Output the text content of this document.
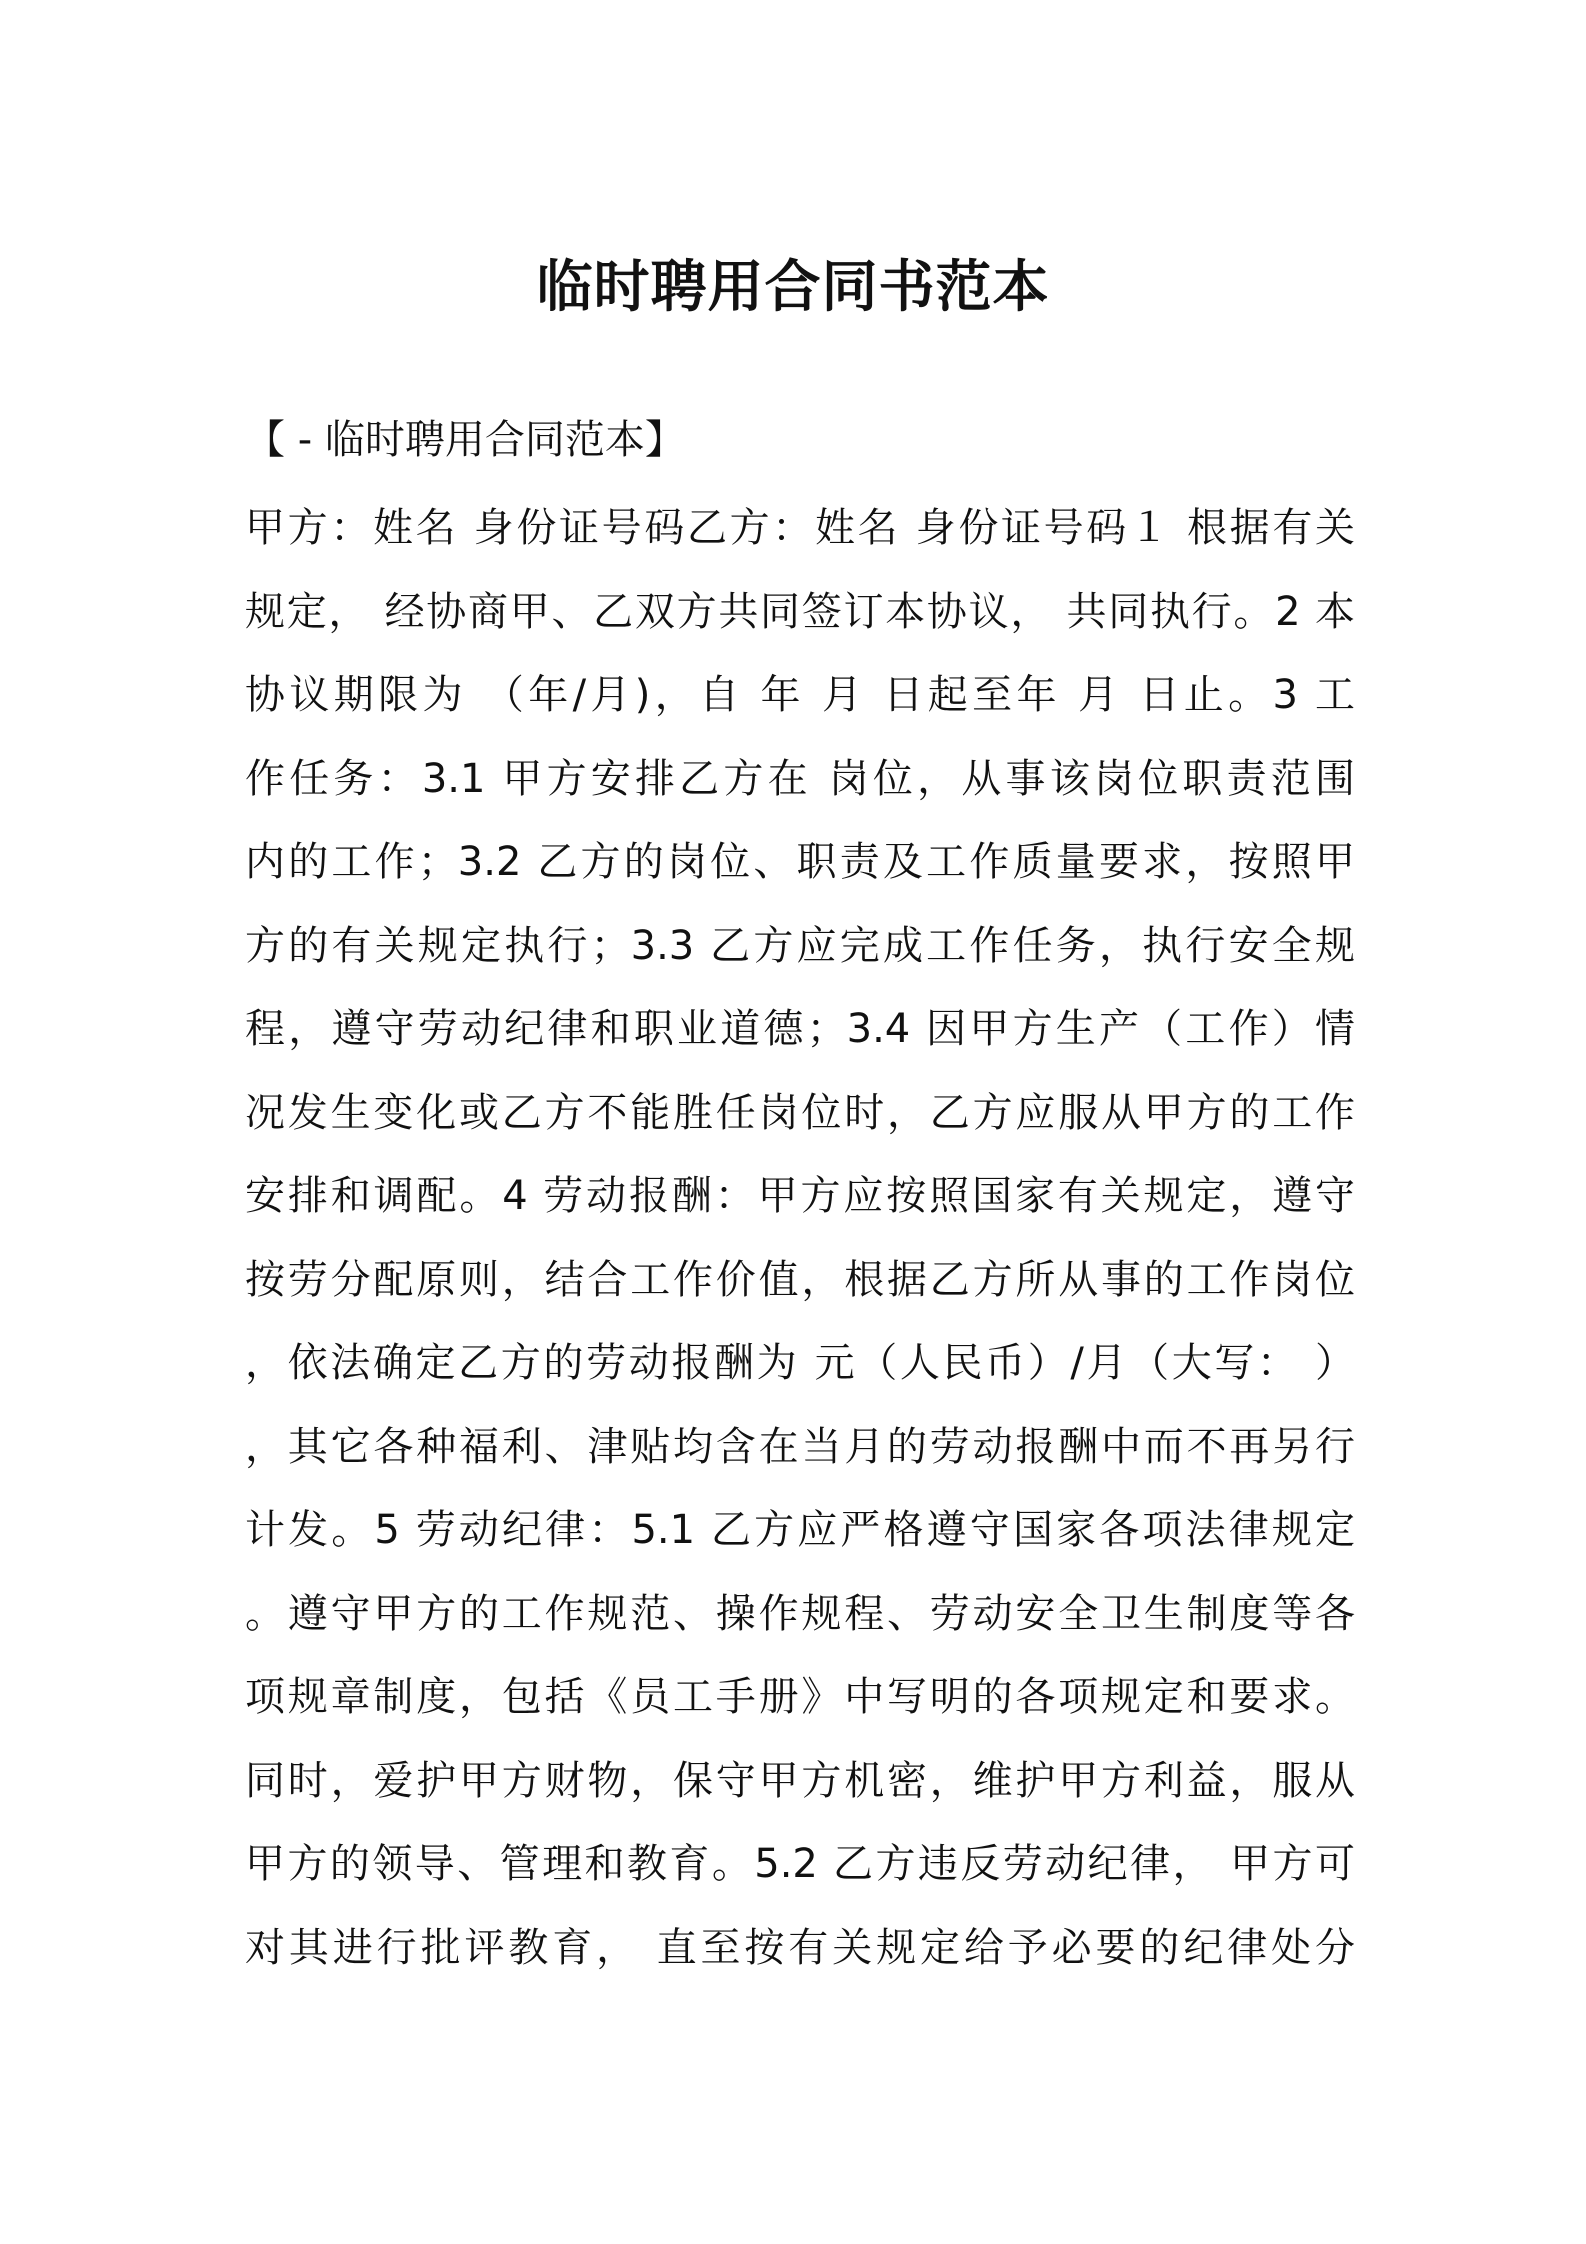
临时聘用合同书范本

【 - 临时聘用合同范本】

甲方：姓名 身份证号码乙方：姓名 身份证号码１ 根据有关
规定， 经协商甲、乙双方共同签订本协议， 共同执行。2 本
协议期限为 （年/月)，自 年 月 日起至年 月 日止。3 工
作任务：3.1 甲方安排乙方在 岗位，从事该岗位职责范围
内的工作；3.2 乙方的岗位、职责及工作质量要求，按照甲
方的有关规定执行；3.3 乙方应完成工作任务，执行安全规
程，遵守劳动纪律和职业道德；3.4 因甲方生产（工作）情
况发生变化或乙方不能胜任岗位时，乙方应服从甲方的工作
安排和调配。4 劳动报酬：甲方应按照国家有关规定，遵守
按劳分配原则，结合工作价值，根据乙方所从事的工作岗位
，依法确定乙方的劳动报酬为 元（人民币）/月（大写： ）
，其它各种福利、津贴均含在当月的劳动报酬中而不再另行
计发。5 劳动纪律：5.1 乙方应严格遵守国家各项法律规定
。遵守甲方的工作规范、操作规程、劳动安全卫生制度等各
项规章制度，包括《员工手册》中写明的各项规定和要求。
同时，爱护甲方财物，保守甲方机密，维护甲方利益，服从
甲方的领导、管理和教育。5.2 乙方违反劳动纪律， 甲方可
对其进行批评教育， 直至按有关规定给予必要的纪律处分
